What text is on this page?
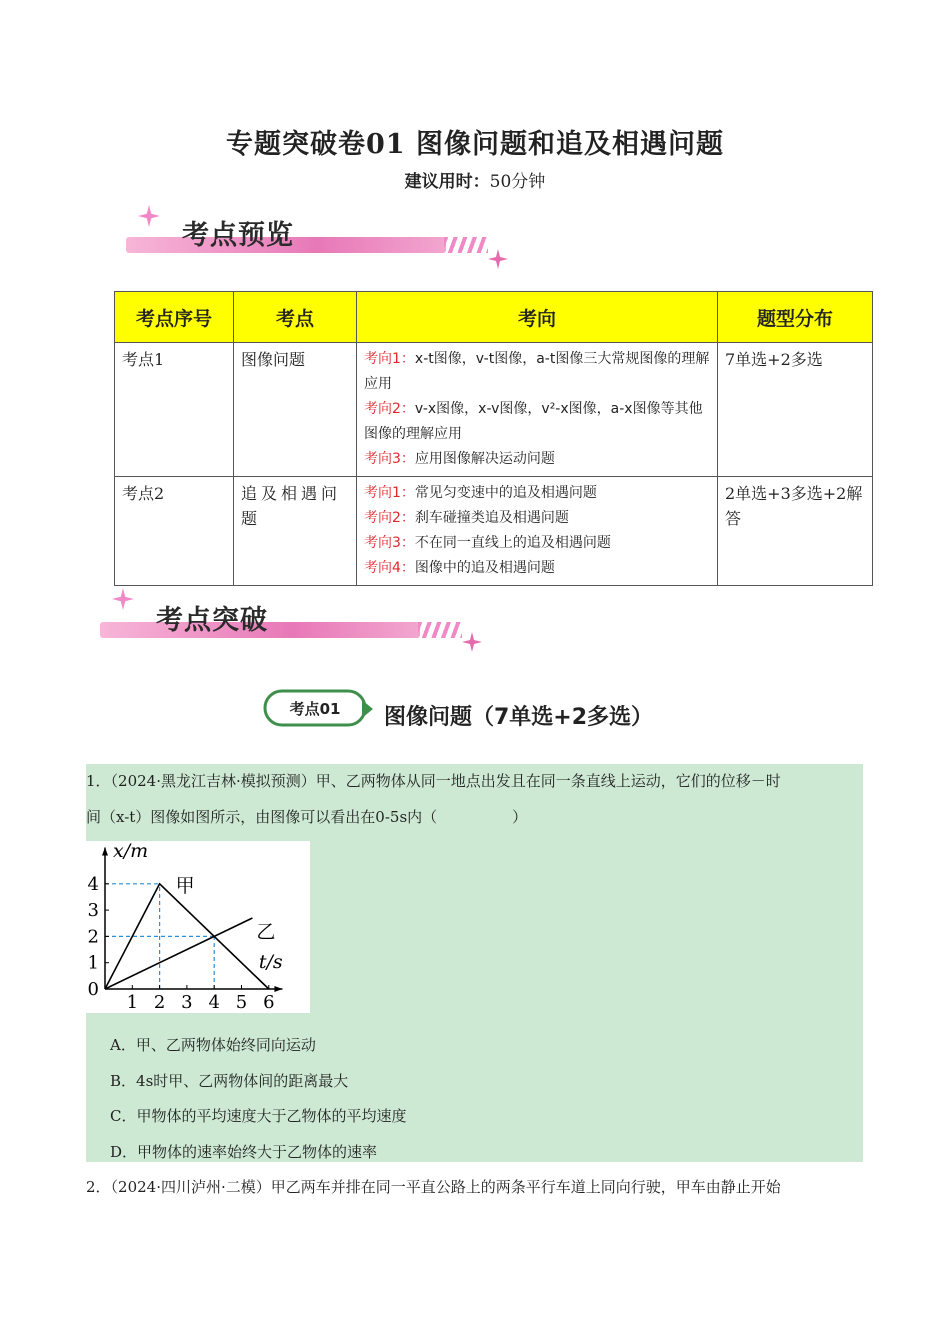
专题突破卷01 图像问题和追及相遇问题
建议用时：50分钟
考点预览
考点序号	考点	考向	题型分布
考点1	图像问题	考向1：x-t图像，v-t图像，a-t图像三大常规图像的理解应用
考向2：v-x图像，x-v图像，v²-x图像，a-x图像等其他图像的理解应用
考向3：应用图像解决运动问题	7单选+2多选
考点2	追及相遇问题	考向1：常见匀变速中的追及相遇问题
考向2：刹车碰撞类追及相遇问题
考向3：不在同一直线上的追及相遇问题
考向4：图像中的追及相遇问题	2单选+3多选+2解答
考点突破
考点01 图像问题（7单选+2多选）
1．（2024·黑龙江吉林·模拟预测）甲、乙两物体从同一地点出发且在同一条直线上运动，它们的位移－时
间（x-t）图像如图所示，由图像可以看出在0-5s内（　　　　　）
1 2 3 4 5 6
1
2
3
4
0
x/m
t/s
甲
乙
A．甲、乙两物体始终同向运动
B．4s时甲、乙两物体间的距离最大
C．甲物体的平均速度大于乙物体的平均速度
D．甲物体的速率始终大于乙物体的速率
2．（2024·四川泸州·二模）甲乙两车并排在同一平直公路上的两条平行车道上同向行驶，甲车由静止开始
